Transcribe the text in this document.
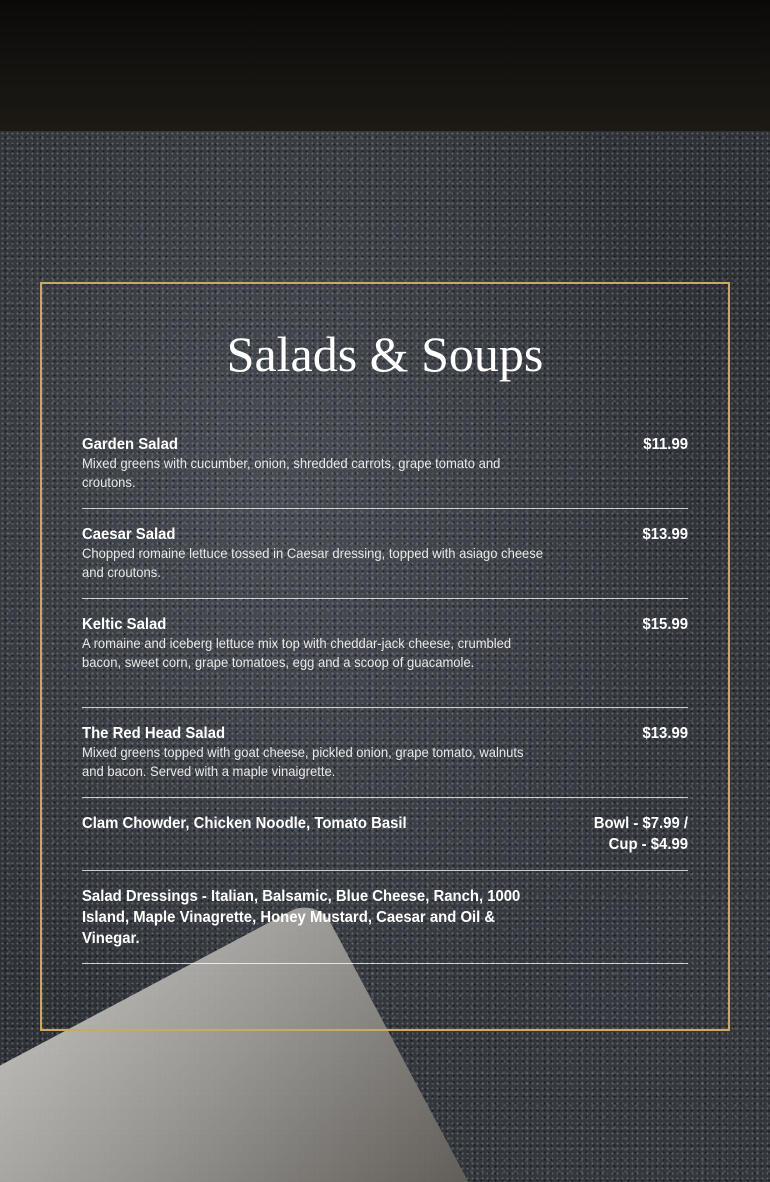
Salads & Soups
Garden Salad
Mixed greens with cucumber, onion, shredded carrots, grape tomato and croutons.
$11.99
Caesar Salad
Chopped romaine lettuce tossed in Caesar dressing, topped with asiago cheese and croutons.
$13.99
Keltic Salad
A romaine and iceberg lettuce mix top with cheddar-jack cheese, crumbled bacon, sweet corn, grape tomatoes, egg and a scoop of guacamole.
$15.99
The Red Head Salad
Mixed greens topped with goat cheese, pickled onion, grape tomato, walnuts and bacon. Served with a maple vinaigrette.
$13.99
Clam Chowder, Chicken Noodle, Tomato Basil	Bowl - $7.99 / Cup - $4.99
Salad Dressings - Italian, Balsamic, Blue Cheese, Ranch, 1000 Island, Maple Vinagrette, Honey Mustard, Caesar and Oil & Vinegar.
